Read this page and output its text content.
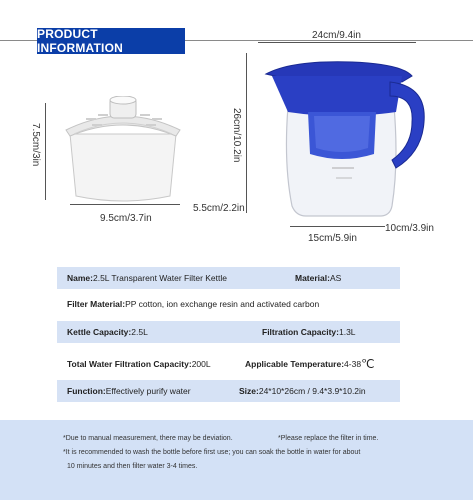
PRODUCT INFORMATION
7.5cm/3in
9.5cm/3.7in
5.5cm/2.2in
24cm/9.4in
26cm/10.2in
15cm/5.9in
10cm/3.9in
Name: 2.5L Transparent Water Filter Kettle	Material: AS
Filter Material: PP cotton, ion exchange resin and activated carbon
Kettle Capacity: 2.5L	Filtration Capacity: 1.3L
Total Water Filtration Capacity: 200L	Applicable Temperature: 4-38 ℃
Function: Effectively purify water	Size: 24*10*26cm / 9.4*3.9*10.2in
*Due to manual measurement, there may be deviation.	*Please replace the filter in time.
*It is recommended to wash the bottle before first use; you can soak the bottle in water for about
10 minutes and then filter water 3-4 times.
